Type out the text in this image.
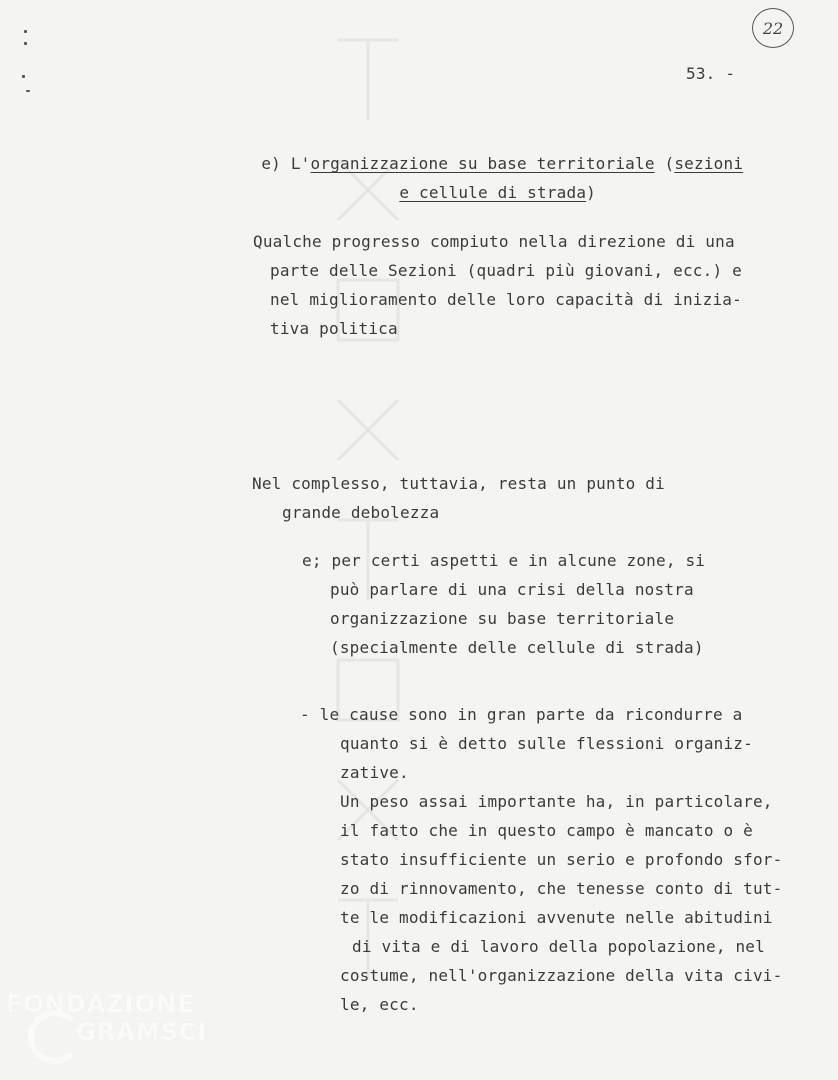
22
53. -

e) L'organizzazione su base territoriale (sezioni

e cellule di strada)

Qualche progresso compiuto nella direzione di una
parte delle Sezioni (quadri più giovani, ecc.) e
nel miglioramento delle loro capacità di inizia-
tiva politica
Nel complesso, tuttavia, resta un punto di
grande debolezza
e; per certi aspetti e in alcune zone, si
può parlare di una crisi della nostra
organizzazione su base territoriale
(specialmente delle cellule di strada)
- le cause sono in gran parte da ricondurre a
quanto si è detto sulle flessioni organiz-
zative.
Un peso assai importante ha, in particolare,
il fatto che in questo campo è mancato o è
stato insufficiente un serio e profondo sfor-
zo di rinnovamento, che tenesse conto di tut-
te le modificazioni avvenute nelle abitudini
di vita e di lavoro della popolazione, nel
costume, nell'organizzazione della vita civi-
le, ecc.
FONDAZIONE
GRAMSCI
